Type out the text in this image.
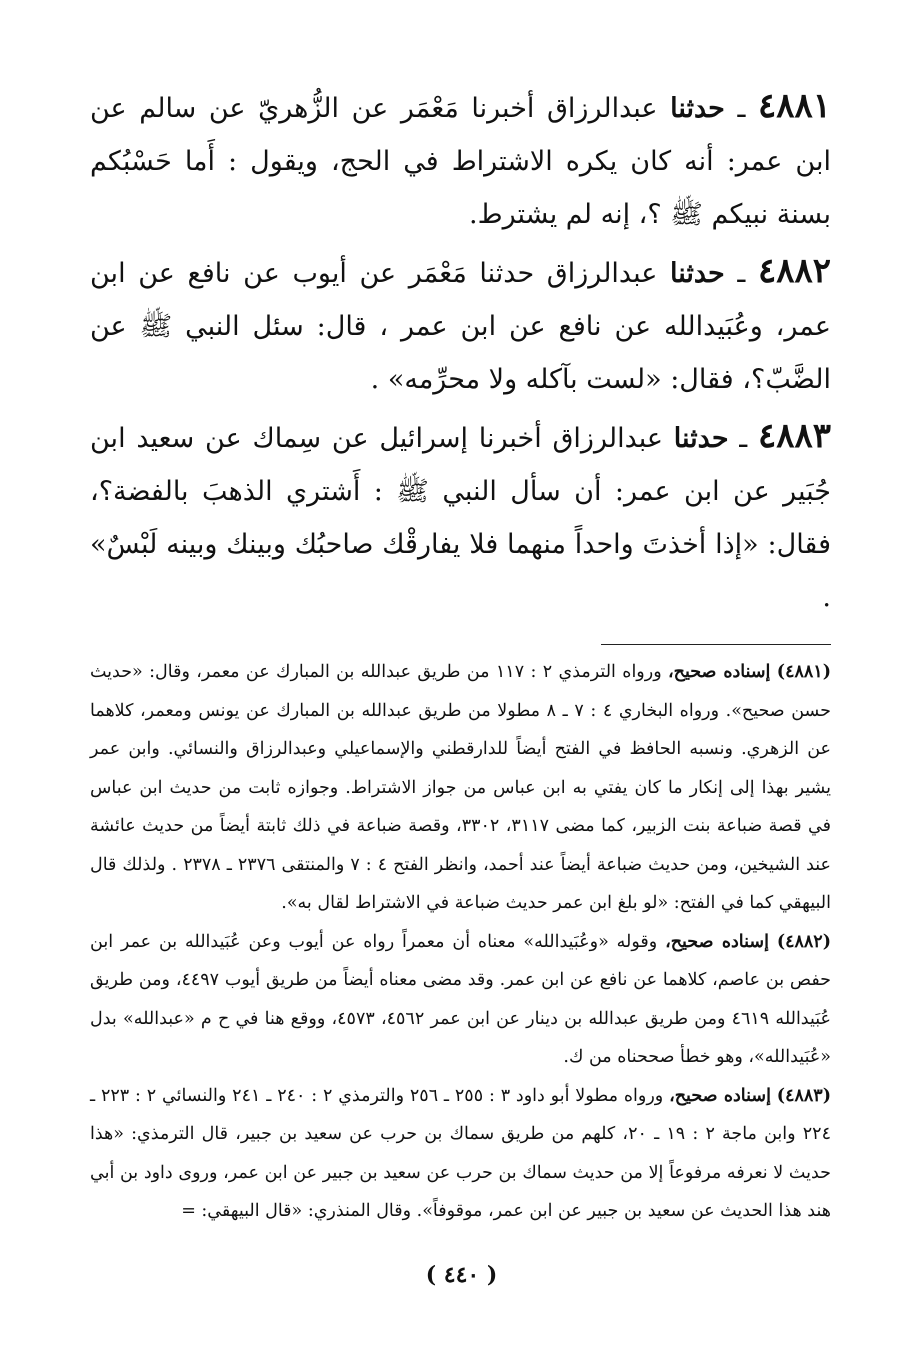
٤٨٨١ ـ حدثنا عبدالرزاق أخبرنا مَعْمَر عن الزُّهريّ عن سالم عن ابن عمر: أنه كان يكره الاشتراط في الحج، ويقول : أَما حَسْبُكم بسنة نبيكم ﷺ ؟، إنه لم يشترط.

٤٨٨٢ ـ حدثنا عبدالرزاق حدثنا مَعْمَر عن أيوب عن نافع عن ابن عمر، وعُبَيدالله عن نافع عن ابن عمر ، قال: سئل النبي ﷺ عن الضَّبّ؟، فقال: «لست بآكله ولا محرِّمه» .

٤٨٨٣ ـ حدثنا عبدالرزاق أخبرنا إسرائيل عن سِماك عن سعيد ابن جُبَير عن ابن عمر: أن سأل النبي ﷺ : أَشتري الذهبَ بالفضة؟، فقال: «إذا أخذتَ واحداً منهما فلا يفارقْك صاحبُك وبينك وبينه لَبْسٌ» .

(٤٨٨١) إسناده صحيح، ورواه الترمذي ٢ : ١١٧ من طريق عبدالله بن المبارك عن معمر، وقال: «حديث حسن صحيح». ورواه البخاري ٤ : ٧ ـ ٨ مطولا من طريق عبدالله بن المبارك عن يونس ومعمر، كلاهما عن الزهري. ونسبه الحافظ في الفتح أيضاً للدارقطني والإسماعيلي وعبدالرزاق والنسائي. وابن عمر يشير بهذا إلى إنكار ما كان يفتي به ابن عباس من جواز الاشتراط. وجوازه ثابت من حديث ابن عباس في قصة ضباعة بنت الزبير، كما مضى ٣١١٧، ٣٣٠٢، وقصة ضباعة في ذلك ثابتة أيضاً من حديث عائشة عند الشيخين، ومن حديث ضباعة أيضاً عند أحمد، وانظر الفتح ٤ : ٧ والمنتقى ٢٣٧٦ ـ ٢٣٧٨ . ولذلك قال البيهقي كما في الفتح: «لو بلغ ابن عمر حديث ضباعة في الاشتراط لقال به».

(٤٨٨٢) إسناده صحيح، وقوله «وعُبَيدالله» معناه أن معمراً رواه عن أيوب وعن عُبَيدالله بن عمر ابن حفص بن عاصم، كلاهما عن نافع عن ابن عمر. وقد مضى معناه أيضاً من طريق أيوب ٤٤٩٧، ومن طريق عُبَيدالله ٤٦١٩ ومن طريق عبدالله بن دينار عن ابن عمر ٤٥٦٢، ٤٥٧٣، ووقع هنا في ح م «عبدالله» بدل «عُبَيدالله»، وهو خطأ صححناه من ك.

(٤٨٨٣) إسناده صحيح، ورواه مطولا أبو داود ٣ : ٢٥٥ ـ ٢٥٦ والترمذي ٢ : ٢٤٠ ـ ٢٤١ والنسائي ٢ : ٢٢٣ ـ ٢٢٤ وابن ماجة ٢ : ١٩ ـ ٢٠، كلهم من طريق سماك بن حرب عن سعيد بن جبير، قال الترمذي: «هذا حديث لا نعرفه مرفوعاً إلا من حديث سماك بن حرب عن سعيد بن جبير عن ابن عمر، وروى داود بن أبي هند هذا الحديث عن سعيد بن جبير عن ابن عمر، موقوفاً». وقال المنذري: «قال البيهقي: =

( ٤٤٠ )
